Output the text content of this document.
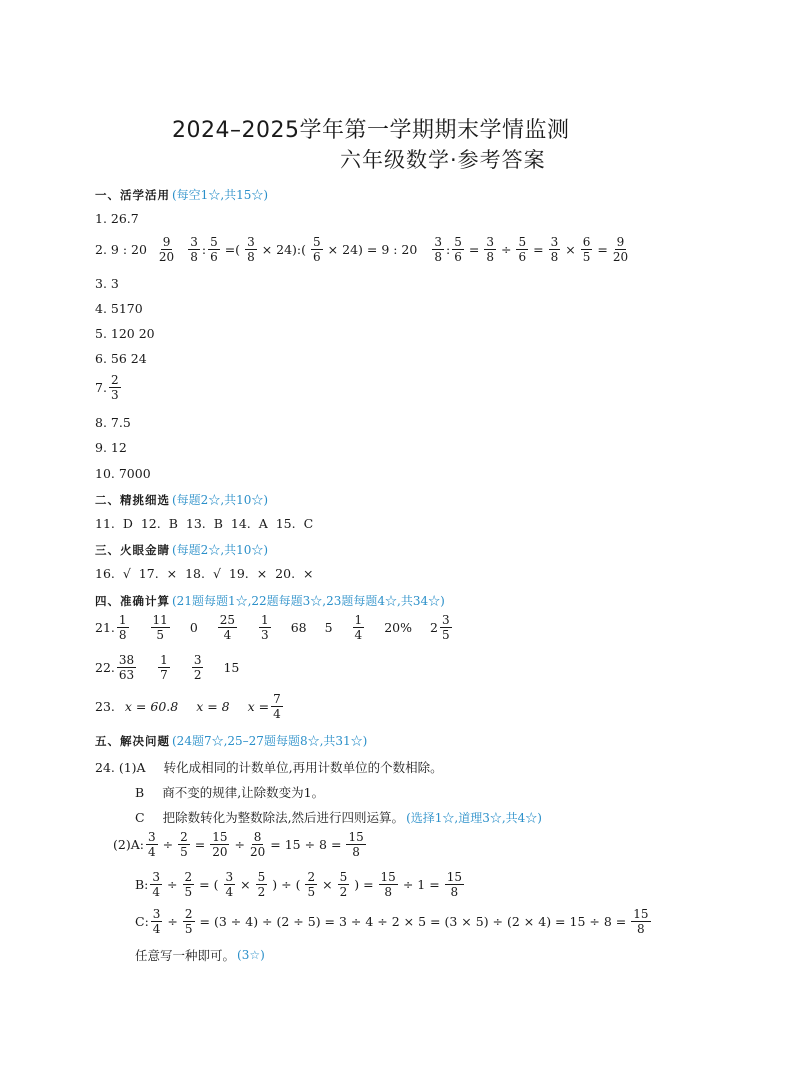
2024–2025学年第一学期期末学情监测
六年级数学·参考答案
一、活学活用 (每空1☆,共15☆)
1. 26.7
2. 9 : $20 \frac{9}{20} \frac{3}{8}$ : $\frac{5}{6}$ =( $\frac{3}{8}$ × 24):( $\frac{5}{6} \times 24) = 9$ : $20 \frac{3}{8}$ : $\frac{5}{6} = \frac{3}{8} \div \frac{5}{6} = \frac{3}{8} \times \frac{6}{5} = \frac{9}{20}$
3. 3
4. 5170
5. 120 20
6. 56 24
7. $\frac{2}{3}$
8. 7.5
9. 12
10. 7000
二、精挑细选 (每题2☆,共10☆)
11. D 12. B 13. B 14. A 15. C
三、火眼金睛 (每题2☆,共10☆)
16. √ 17. × 18. √ 19. × 20. ×
四、准确计算 (21题每题1☆,22题每题3☆,23题每题4☆,共34☆)
21. $\frac{1}{8} \frac{11}{5} 0 \frac{25}{4} \frac{1}{3} 68$ $5 \frac{1}{4} 20\%$ $2 \frac{3}{5}$
22. $\frac{38}{63} \frac{1}{7} \frac{3}{2} 15$
23. x = 60.8 x = 8 $x = \frac{7}{4}$
五、解决问题 (24题7☆,25–27题每题8☆,共31☆)
24. (1)A 转化成相同的计数单位,再用计数单位的个数相除。
B 商不变的规律,让除数变为1。
C 把除数转化为整数除法,然后进行四则运算。 (选择1☆,道理3☆,共4☆)
(2)A: $\frac{3}{4} \div \frac{2}{5} = \frac{15}{20} \div \frac{8}{20} = 15 \div 8 = \frac{15}{8}$
B: $\frac{3}{4} \div \frac{2}{5}$ = ( $\frac{3}{4} \times \frac{5}{2}$ ) ÷ ( $\frac{2}{5} \times \frac{5}{2}$ ) = $\frac{15}{8} \div 1 = \frac{15}{8}$
C: $\frac{3}{4} \div \frac{2}{5} = (3 \div 4) \div (2 \div 5) = 3 \div 4 \div 2 \times 5 = (3 \times 5) \div (2 \times 4) = 15 \div 8 = \frac{15}{8}$
任意写一种即可。 (3☆)
